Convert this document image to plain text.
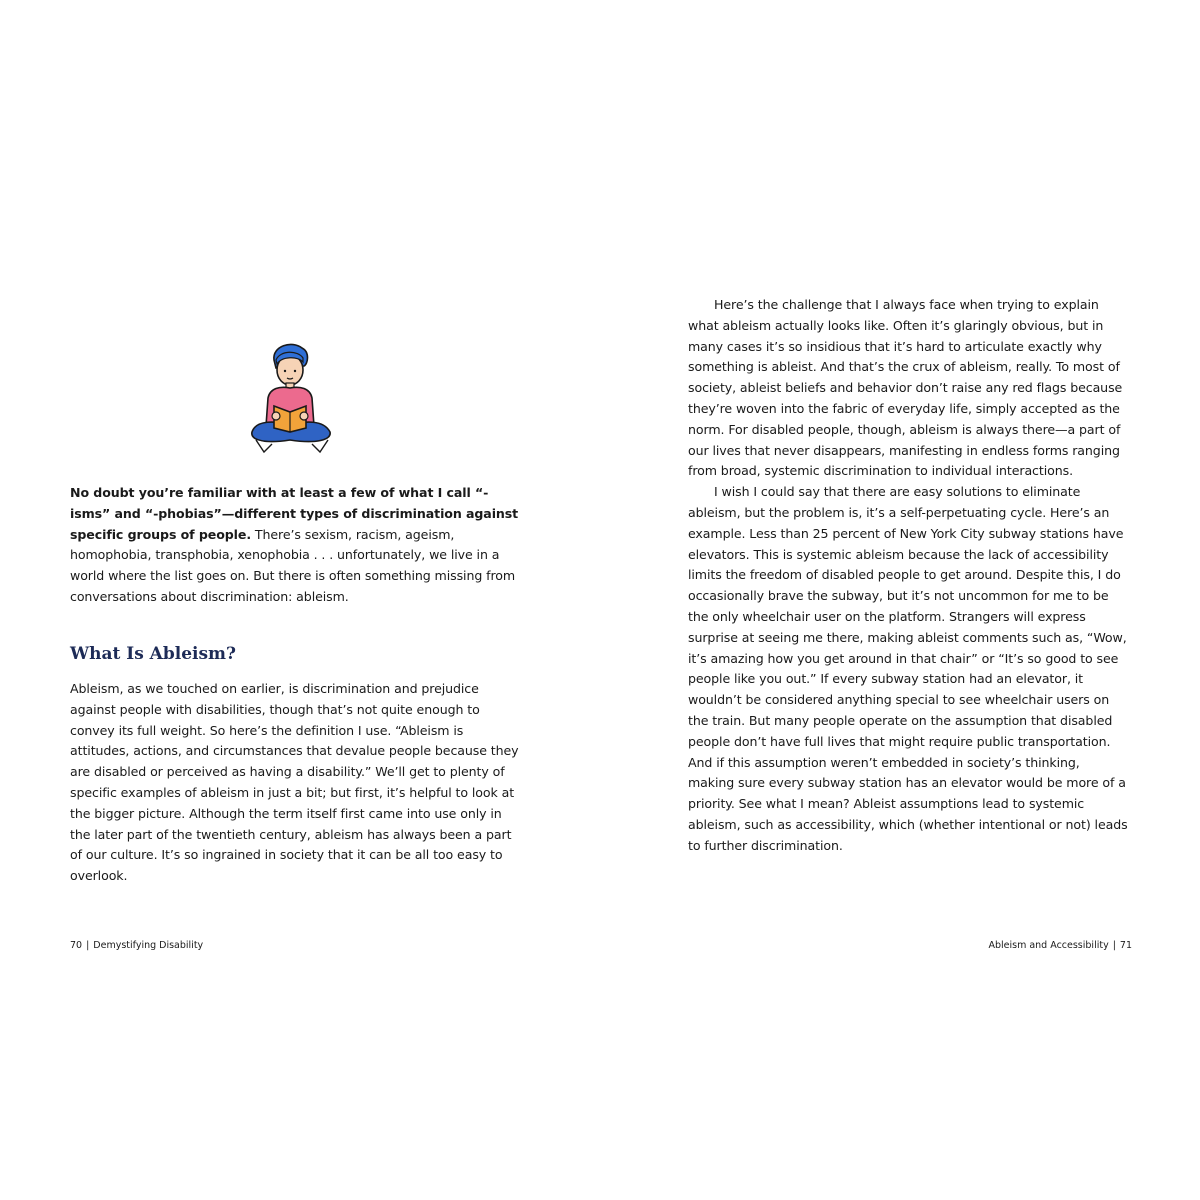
No doubt you’re familiar with at least a few of what I call “-isms” and “-phobias”—different types of discrimination against specific groups of people. There’s sexism, racism, ageism, homophobia, transphobia, xenophobia . . . unfortunately, we live in a world where the list goes on. But there is often something missing from conversations about discrimination: ableism.

What Is Ableism?

Ableism, as we touched on earlier, is discrimination and prejudice against people with disabilities, though that’s not quite enough to convey its full weight. So here’s the definition I use. “Ableism is attitudes, actions, and circumstances that devalue people because they are disabled or perceived as having a disability.” We’ll get to plenty of specific examples of ableism in just a bit; but first, it’s helpful to look at the bigger picture. Although the term itself first came into use only in the later part of the twentieth century, ableism has always been a part of our culture. It’s so ingrained in society that it can be all too easy to overlook.

70 | Demystifying Disability

Here’s the challenge that I always face when trying to explain what ableism actually looks like. Often it’s glaringly obvious, but in many cases it’s so insidious that it’s hard to articulate exactly why something is ableist. And that’s the crux of ableism, really. To most of society, ableist beliefs and behavior don’t raise any red flags because they’re woven into the fabric of everyday life, simply accepted as the norm. For disabled people, though, ableism is always there—a part of our lives that never disappears, manifesting in endless forms ranging from broad, systemic discrimination to individual interactions.

I wish I could say that there are easy solutions to eliminate ableism, but the problem is, it’s a self-perpetuating cycle. Here’s an example. Less than 25 percent of New York City subway stations have elevators. This is systemic ableism because the lack of accessibility limits the freedom of disabled people to get around. Despite this, I do occasionally brave the subway, but it’s not uncommon for me to be the only wheelchair user on the platform. Strangers will express surprise at seeing me there, making ableist comments such as, “Wow, it’s amazing how you get around in that chair” or “It’s so good to see people like you out.” If every subway station had an elevator, it wouldn’t be considered anything special to see wheelchair users on the train. But many people operate on the assumption that disabled people don’t have full lives that might require public transportation. And if this assumption weren’t embedded in society’s thinking, making sure every subway station has an elevator would be more of a priority. See what I mean? Ableist assumptions lead to systemic ableism, such as accessibility, which (whether intentional or not) leads to further discrimination.

Ableism and Accessibility | 71
